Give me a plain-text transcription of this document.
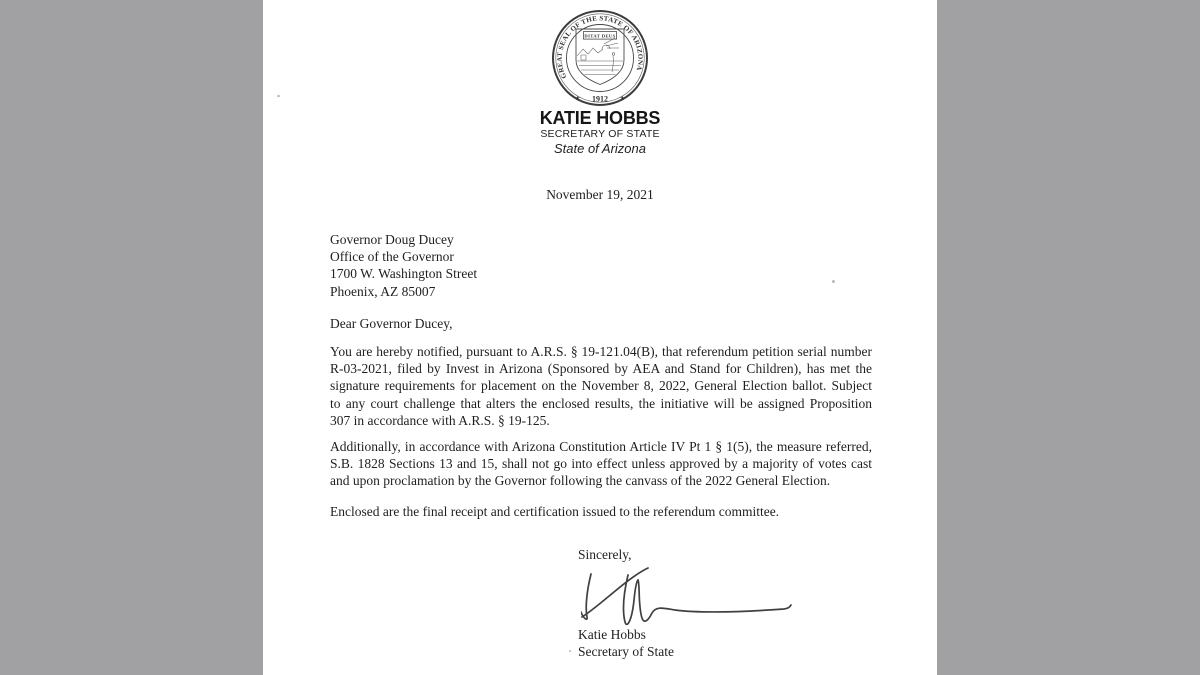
GREAT SEAL OF THE STATE OF ARIZONA
★	★
1912
DITAT DEUS
KATIE HOBBS
SECRETARY OF STATE
State of Arizona
November 19, 2021
Governor Doug Ducey
Office of the Governor
1700 W. Washington Street
Phoenix, AZ 85007
Dear Governor Ducey,
You are hereby notified, pursuant to A.R.S. § 19-121.04(B), that referendum petition serial number
R-03-2021, filed by Invest in Arizona (Sponsored by AEA and Stand for Children), has met the
signature requirements for placement on the November 8, 2022, General Election ballot. Subject
to any court challenge that alters the enclosed results, the initiative will be assigned Proposition
307 in accordance with A.R.S. § 19-125.
Additionally, in accordance with Arizona Constitution Article IV Pt 1 § 1(5), the measure referred,
S.B. 1828 Sections 13 and 15, shall not go into effect unless approved by a majority of votes cast
and upon proclamation by the Governor following the canvass of the 2022 General Election.
Enclosed are the final receipt and certification issued to the referendum committee.
Sincerely,
Katie Hobbs
Secretary of State
